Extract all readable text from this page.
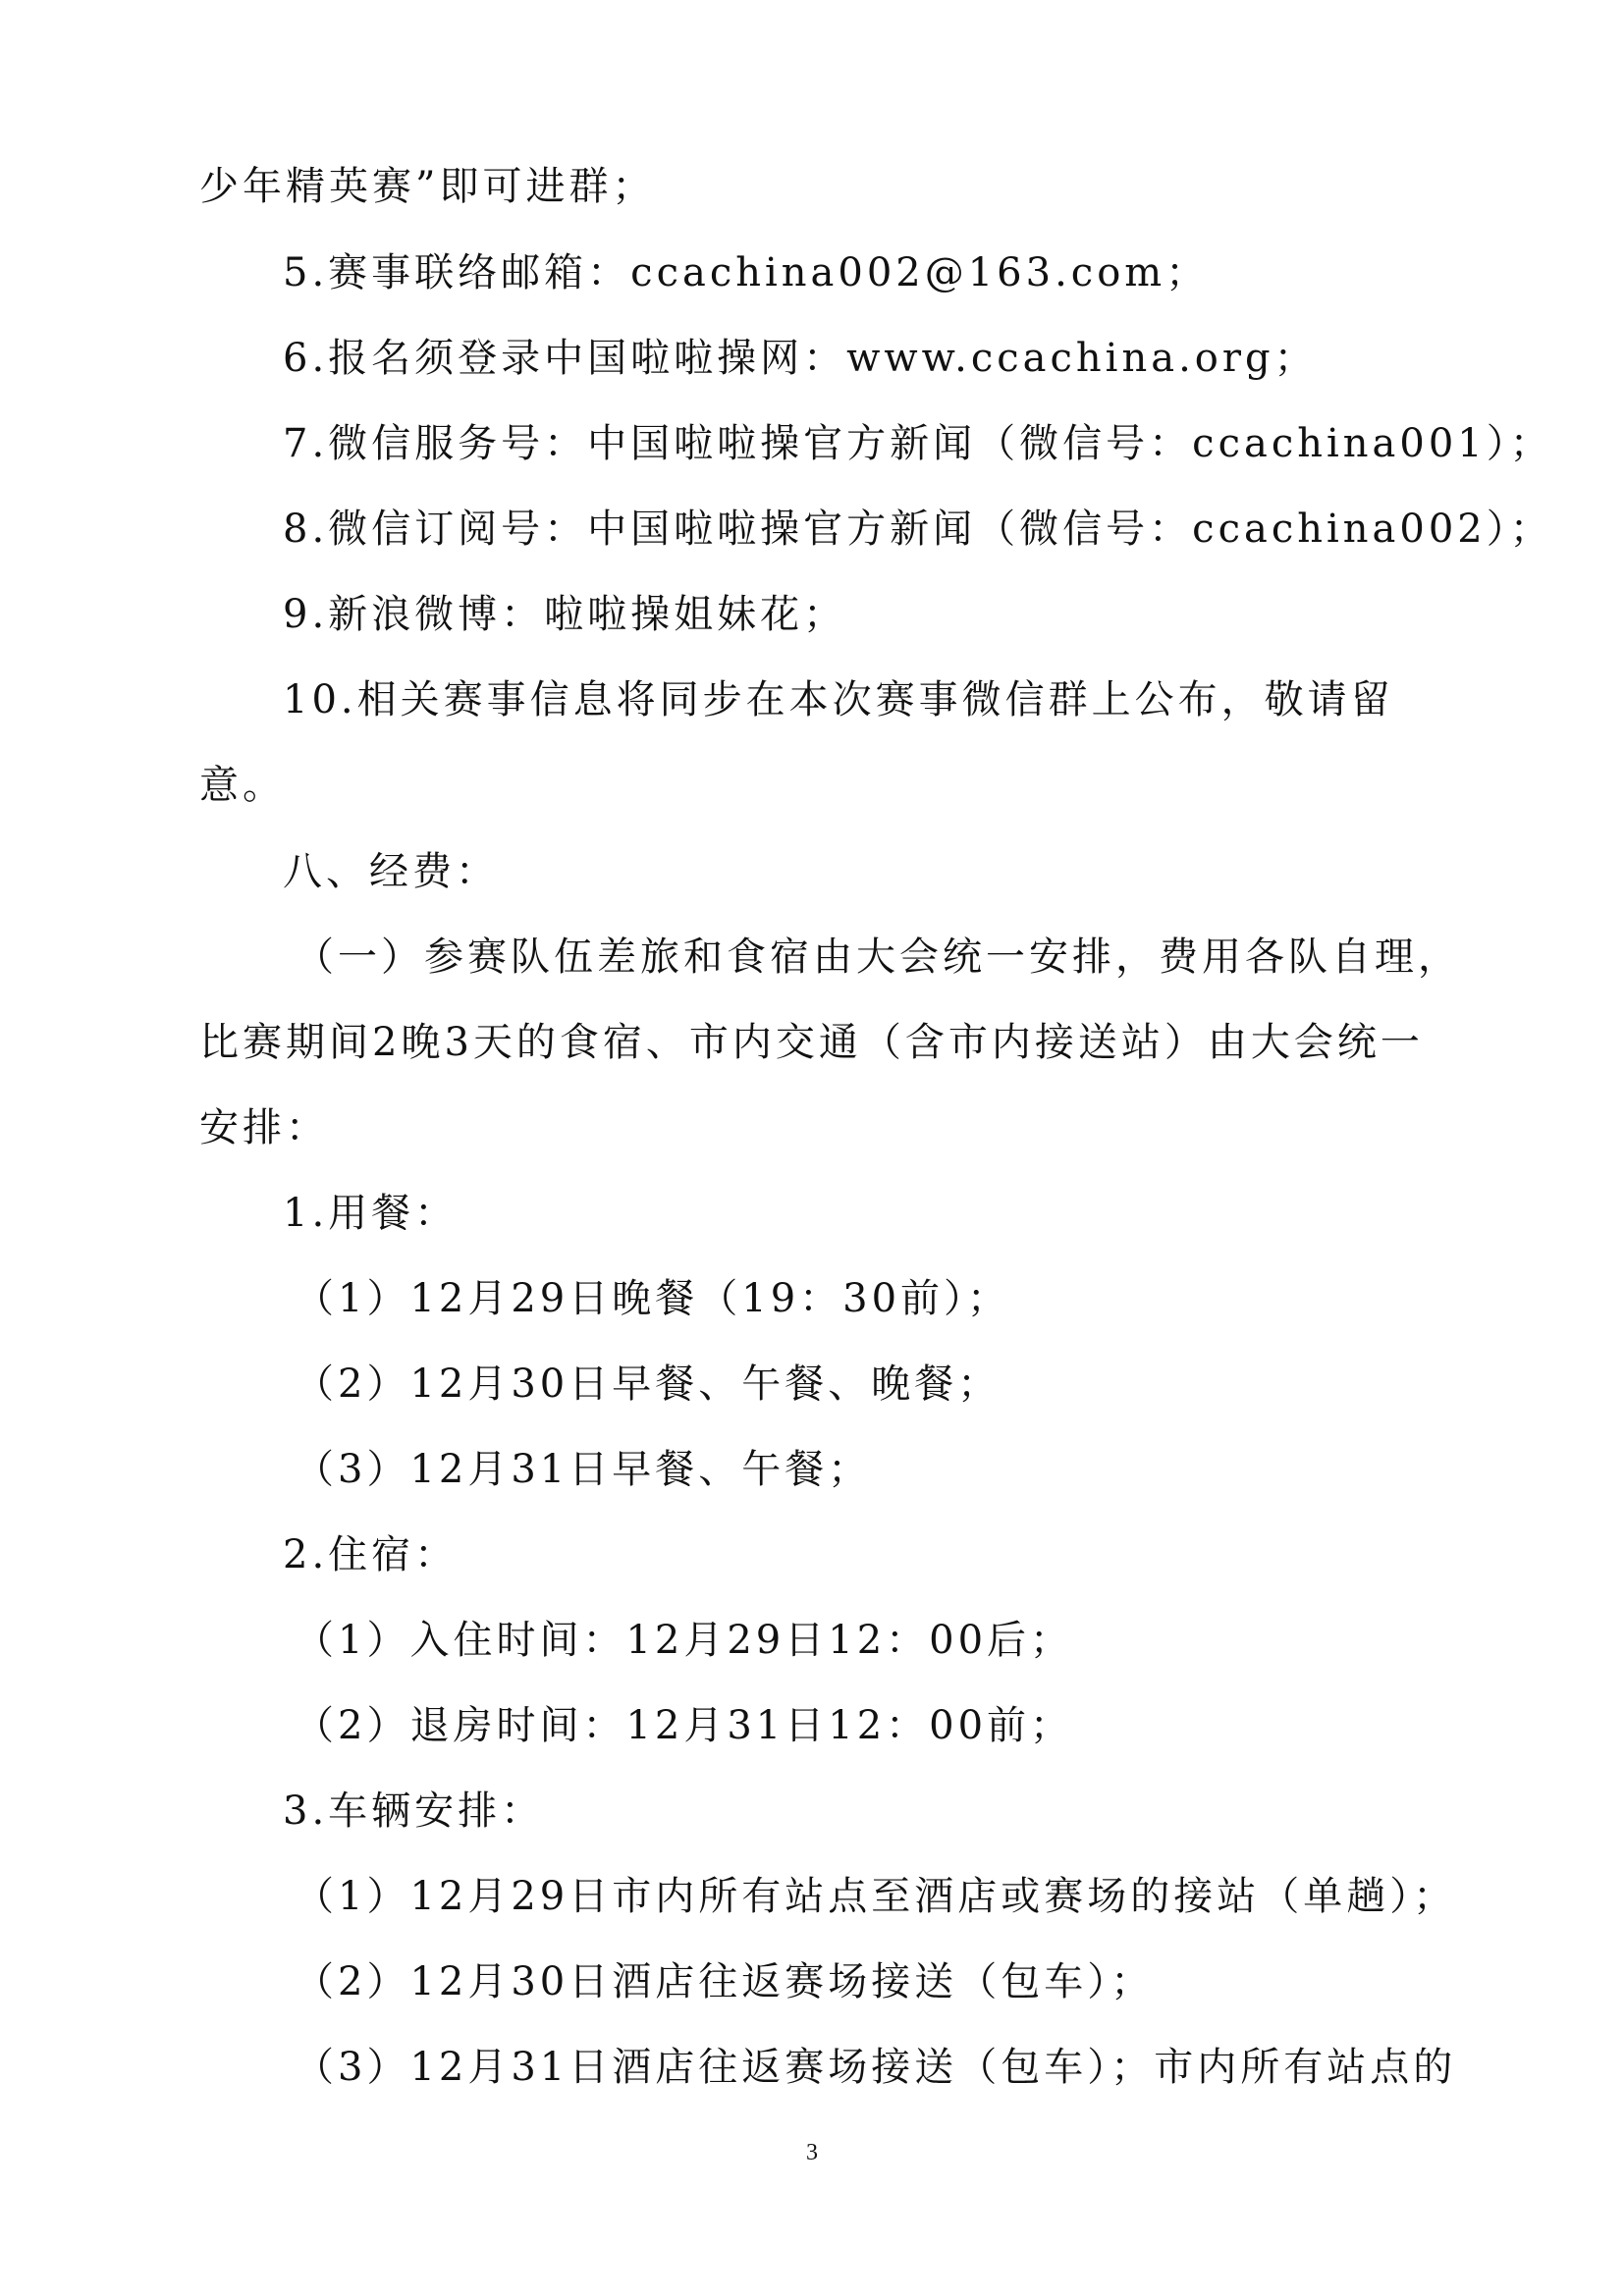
少年精英赛”即可进群；
5.赛事联络邮箱：ccachina002@163.com；
6.报名须登录中国啦啦操网：www.ccachina.org；
7.微信服务号：中国啦啦操官方新闻（微信号：ccachina001）；
8.微信订阅号：中国啦啦操官方新闻（微信号：ccachina002）；
9.新浪微博：啦啦操姐妹花；
10.相关赛事信息将同步在本次赛事微信群上公布，敬请留
意。
八、经费：
（一）参赛队伍差旅和食宿由大会统一安排，费用各队自理，
比赛期间2晚3天的食宿、市内交通（含市内接送站）由大会统一
安排：
1.用餐：
（1）12月29日晚餐（19：30前）；
（2）12月30日早餐、午餐、晚餐；
（3）12月31日早餐、午餐；
2.住宿：
（1）入住时间：12月29日12：00后；
（2）退房时间：12月31日12：00前；
3.车辆安排：
（1）12月29日市内所有站点至酒店或赛场的接站（单趟）；
（2）12月30日酒店往返赛场接送（包车）；
（3）12月31日酒店往返赛场接送（包车）；市内所有站点的
3
